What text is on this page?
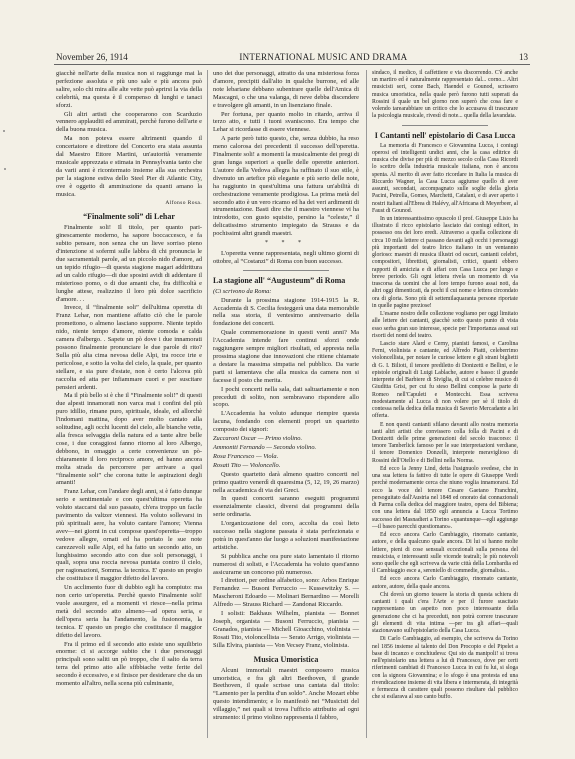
November 26, 1914	INTERNATIONAL MUSIC AND DRAMA	13

giacchè nell'arte della musica non si raggiunge mai la perfezione assoluta e più uno sale e più ancora può salire, solo chi mira alle alte vette può aprirsi la via della celebrità, ma questa è il compenso di lunghi e tanaci sforzi.

Gli altri artisti che cooperarono con Scarduzio vennero applauditi ed ammirati, perchè furono dell'arte e della buona musica.

Ma non poteva essere altrimenti quando il concertatore e direttore del Concerto era stata assunta dal Maestro Ettore Martini, un'autorità veramente musicale apprezzata e stimata in Pennsylvania tanto che da varii anni è ricontermato insieme alla sua orchestra per la stagione estiva dello Steel Pier di Atlantic City, ove è oggetto di ammirazione da quanti amano la musica.

Alfonso Rosa.
“Finalmente soli” di Lehar

Finalmente soli! Il titolo, per quanto pari-ginescamente moderno, ha sapore boccaccesco, e fa subito pensare, non senza che un lieve sorriso pieno d'intenzione si sofermi sulle labbra di chi pronuncia le due sacramentali parole, ad un piccolo nido d'amore, ad un tepido rifugio—di questa stagione magari addirittura ad un caldo rifugio—di due sposini avidi di addentare il misterioso pomo, o di due amanti che, fra difficoltà e lunghe attese, realizzino il loro più dolce sacrificio d'amore. . .

Invece, il “finalmente soli” dell'ultima operetta di Franz Lehar, non mantiene affatto ciò che le parole promettono, o almeno lasciano supporre. Niente tepido nido, niente tempo d'amore, niente comoda e calda camera d'albergo. . Sapete un pò dove i due innamorati possono finalmente pronunciare le due parole di rito? Sulla più alta cima nevosa delle Alpi, tra rocce irte e pericolose, e sotto la volta del cielo, la quale, per quanto stellare, e sia pure d'estate, non è certo l'alcova più raccolta ed atta per infiammare cuori e per suscitare pensieri ardenti.

Ma il più bello si è che il “Finalmente soli!” di questi due alpesti innamorati non varca mai i confini del più puro idillio, rimane puro, spirituale, ideale, ed allorchè l'indomani mattina, dopo aver molto cantato alla solitudine, agli occhi lucenti del cielo, alle bianche vette, alla fresca selvaggia della natura ed a tante altre belle cose, i due coraggiosi fanno ritorno al loro Albergo, debbono, in omaggio a certe convenienze un pò-chiaramente il loro reciproco amore, ed hanno ancora molta strada da percorrere per arrivare a quel “finalmente soli” che corona tutte le aspirazioni degli amanti!

Franz Lehar, con l'andare degli anni, si è fatto dunque serio e sentimentale e con quest'ultima operetta ha voluto staccarsi dal suo passato, ch'era troppo un facile pavimento da valtzer viennesi. Ha voluto sollevarsi in più spirituali aere, ha voluto cantare l'amore; Vienna avev—nei giorni in cui compose quest'operetta—troppo vedove allegre, ornati ed ha portato le sue note carezzevoli sulle Alpi, ed ha fatto un secondo atto, un lunghissimo secondo atto con due soli personaggi, i quali, sopra una roccia nevosa puntata contro il cielo, per ragionazioni, Somma. la tecnica. E' questo un pregio che costituisce il maggior difetto del lavoro.

Un acclimento fuor di dubbio egli ha compiuto: ma non certo un'operetta. Perchè questo Finalmente soli! vuole assurgere, ed a momenti vi riesce—nella prima metà del secondo atto almeno—ad opera seria, e dell'opera seria ha l'andamento, la fusionomia, la tecnica. E' questo un pregio che costituisce il maggior difetto del lavoro.

Fra il primo ed il secondo atto esiste uno squilibrio enorme: ci si accorge subito che i due personaggi principali sono saliti un pò troppo, che il salto da terra terra del primo atto alle sfibbiache vette ferite del secondo è eccessivo, e si finisce per desiderare che da un momento all'altro, nella scena più culminante,

uno dei due personaggi, attratto da una misteriosa forza d'amore, precipiti dall'alto in qualche burrone, ed alle note lebariane debbano subentrare quelle dell'Amica di Mascagni, o che una valanga, di neve debba discendere e travolgere gli amanti, in un lisenziano finale.

Per fortuna, per quanto molto in ritardo, arriva il terzo atto, e tutti i tuoni svaniscono. Era tempo che Lehar si ricordasse di essere viennese.

A parte però tutto questo, che, senza dubbio, ha reso meno calorosa dei precedenti il successo dell'operetta. Finalmente soli! a momenti la musicalmente dei pregi di gran lunga superiori a quelle delle operette anteriori. L'autore della Vedova allegra ha raffinato il suo stile, è divenuto un artefice più elegante e più serio delle note, ha raggiunto in quest'ultima una fattura un'abilità di orchestrazione veramente prodigiosa. La prima metà del secondo atto è un vero ricamo ed ha dei veri ardimenti di strumentazione. Basti dire che il maestro viennese vi ha introdotto, con gusto squisito, persino la “celeste,” il delicatissimo strumento impiegato da Strauss e da pochissimi altri grandi maestri.

* * *

L'operetta venne rappresentata, negli ultimo giorni di ottobre, al “Costanzi” di Roma con buon successo.

La stagione all' “Augusteum” di Roma

(Ci scrivono da Roma:

Durante la prossima stagione 1914-1915 la R. Accademia di S. Cecilia festeggerà una data memorabile nella sua storia, il ventesimo anniversario della fondazione dei concerti.

Quale commemorazione in questi venti anni? Ma l'Accademia intende fare continui sforzi onde raggiungere sempre migliori risultati, ed appresta nella prossima stagione due innovazioni che ritiene chiamate a destare la massima simpatia nel pubblico. Da varie parti si lamentava che alla musica da camera non si facesse il posto che merita.

I pochi concerti nella sala, dati saltuariamente e non preceduti di solito, non sembravano rispondere allo scopo.

L'Accademia ha voluto adunque riempire questa lacuna, fondando con elementi propri un quartetto composto dei signori:

Zuccaroni Oscar — Primo violino.

Ammoniti Fernando — Secondo violino.

Rosa Francesco — Viola.

Rosati Tito — Violoncello.

Questo quartetto darà almeno quattro concerti nel primo quattro venerdì di quaresima (5, 12, 19, 26 marzo) nella accademica di via dei Greci.

In questi concerti saranno eseguiti programmi essenzialmente classici, diversi dai programmi della serie ordinaria.

L'organizzazione del coro, accolta da così lieto successo nella stagione passata è stata perfezionata e potrà in quest'anno dar luogo a soluzioni manifestazione artistiche.

Si pubblica anche ora pure stato lamentato il ritorno numerosi di solisti, e l'Accademia ha voluto quest'anno assicurarne un concorso più numeroso.

I direttori, per ordine alfabetico, sono: Arbos Enrique Fernandez — Busoni Ferruccio — Kussewitzky S. — Mascheroni Edoardo — Molinari Bernardino — Morelli Alfredo — Strauss Richard — Zandonai Riccardo.

I solisti: Bakhaus Wilhelm, pianista — Bonnet Joseph, organista — Busoni Ferruccio, pianista — Granados, pianista — Michell Gioacchino, violinista — Rosati Tito, violoncellista — Serato Arrigo, violinista — Silla Elvira, pianista — Von Vecsey Franz, violinista.

Musica Umoristica

Alcuni immortali maestri composero musica umoristica, e fra gli altri Beethoven, il grande Beethoven, il quale scrisse una cantata dal titolo: “Lamento per la perdita d'un soldo”. Anche Mozart ebbe questo intendimento; e lo manifestò nei “Musicisti del villaggio,” nei quali si trova l'ufficio attribuito ad ogni strumento: il primo violino rappresenta il fabbro,

sindaco, il medico, il caffettiere e via discorrendo. C'è anche un martiro ed è naturalmente rappresentato dal... corno... Altri musicisti seri, come Bach, Haendel e Gounod, scrissero musica umoristica, nella quale però furono tutti superati da Rossini il quale un bel giorno non superò che cosa fare e volendo tarearabbiare un critico che lo accusava di trascurare la psicologia musicale, rivestì di note... quella della lavandaia.

I Cantanti nell' epistolario di Casa Lucca

La memoria di Francesco e Giovannina Lucca, i coniugi operosi ed intelligenti undici anni, che la casa editrice di musica che divise per più di mezzo secolo colla Casa Ricordi lo scettro della industria musicale italiana, non è ancora spenta. Al merito di aver fatto ricordare in Italia la musica di Riccardo Wagner, la Casa Lucca aggiunse quello di aver assunti, secondati, accompagnato sulle soglie della gloria Pacini, Petrella, Gomes, Marchetti, Catalani, e di aver aperto i nostri italiani all'Ebrea di Halévy, all'Africana di Meyerbeer, al Faust di Gounod.

In un interessantissimo opuscolo il prof. Giuseppe Lisio ha illustrato il ricco epistolario lasciato dai coniugi editori, in possesso ora dei loro eredi. Attraverso a quella collezione di circa 10 mila lettere ci passano davanti agli occhi i personaggi più importanti del teatro lirico italiano in un ventannio glorioso: maestri di musica illustri od oscuri, cantanti celebri, compositori, librettisti, giornalisti, critici, quanti ebbero rapporti di amicizia e di affari con Casa Lucca per lungo e breve periodo. Gli ogni lettera rivela un momento di via trascorsa da uomini che al loro tempo furono assai noti, da altri oggi dimenticati, da pochi il cui nome e lettera circondato ora di gloria. Sono più di settemilaquaranta persone riportate in quelle pagine preziose!

L'esame nostro delle collezione vogliamo per oggi limitato alle lettere dei cantanti, giacchè sotto questo punto di vista esso serba gran suo interesse, specie per l'importanza assai sui risorti dei nomi del teatro.

Lascio stare Alard e Cerny, pianisti famosi, e Carolina Ferni, violinista e cantante, ed Alfredo Piatti, celeberrimo violoncellista, per notare le curiose lettere e gli strani biglietti di G. I. Bilioti, il tenore prediletto di Donizetti e Bellini, e le epistole originali di Luigi Lablache, autore e basso: il grande interprete del Barbiere di Siviglia, di cui si celebre musico di Giuditta Grisi, per cui fu steso Bellini compose la parte di Romeo nell'Capuleti e Montecchi. Essa scriveva modestamente al Lucca di non volere per sè il titolo di contessa nella dedica della musica di Saverio Mercadante a lei offerta.

E non questi cantanti sfilano davanti allo nostra memoria tanti altri artisti che convissero colla folla di Pacini e di Donizetti delle prime generazioni del secolo trascorso: il tenore Tamberlick famoso per le sue interpretazioni verdiane, il tenore Domenico Donzelli, interprete meraviglioso di Rossini dell'Otello e di Bellini nella Norma.

Ed ecco la Jenny Lind, detta l'usignuolo svedese, che in una sua lettera fa fattivo di tutte le opere di Giuseppe Verdi perchè modernamente cerca che niuno voglia innamorarsi. Ed ecco la voce del tenore Cesare Gaetano Franchini, persoguitato dall'Austria nel 1848 ed onorato dai connazionali di Parma colla dedica del maggiore teatro, opera del Bibiena; con una lettera dal 1850 egli annuncia a Lucca Tortimo successo dei Masnadieri a Torino «quantunque—egli aggiunge—il baseo parecchi questiomano».

Ed ecco ancora Carlo Cambiaggio, rinomato cantante, autore, e della qualcuno quale ancora. Di lui si hanno molte lettere, pieni di cose sensuali eccezionali sulla persona del musicista, e interessanti sulle vicende teatrali; le più notevoli sono quelle che egli scriveva da varie città della Lombardia ed il Cambiaggio esce a, sereniello di commedie, giornalista...

Ed ecco ancora Carlo Cambiaggio, rinomato cantante, autore, autore, della quale ancora.

Chi dovrà un giorno tessere la storia di questa schiera di cantanti i quali c'era l'Arte e per il furore suscitato rappresentano un aspetto non poco interessante della generazione che ci ha preceduti, non potrà correre trascurare gli elementi di vita intima —per tra gli affari—quali stazionavano sull'epistolario della Casa Lucca.

Di Carlo Cambiaggio, ad esempio, che scriveva da Torino nel 1856 insieme al talento del Don Procopio e del Pipelet a base di incanzo e conchiudeva: Qui sto da manipoli! si trova nell'epistolario una lettera a lui di Francesco, dove per certi riferimenti cambiati di Francesco Lucca in cui fu lui, si sloga con la signora Giovannina; e lo sfogo è una protesta ed una rivendicazione insieme di vita libera e intermerata, di integrità e fermezza di carattere quali possono risultare dal pubblico che si esilarava al suo canto buffo.
